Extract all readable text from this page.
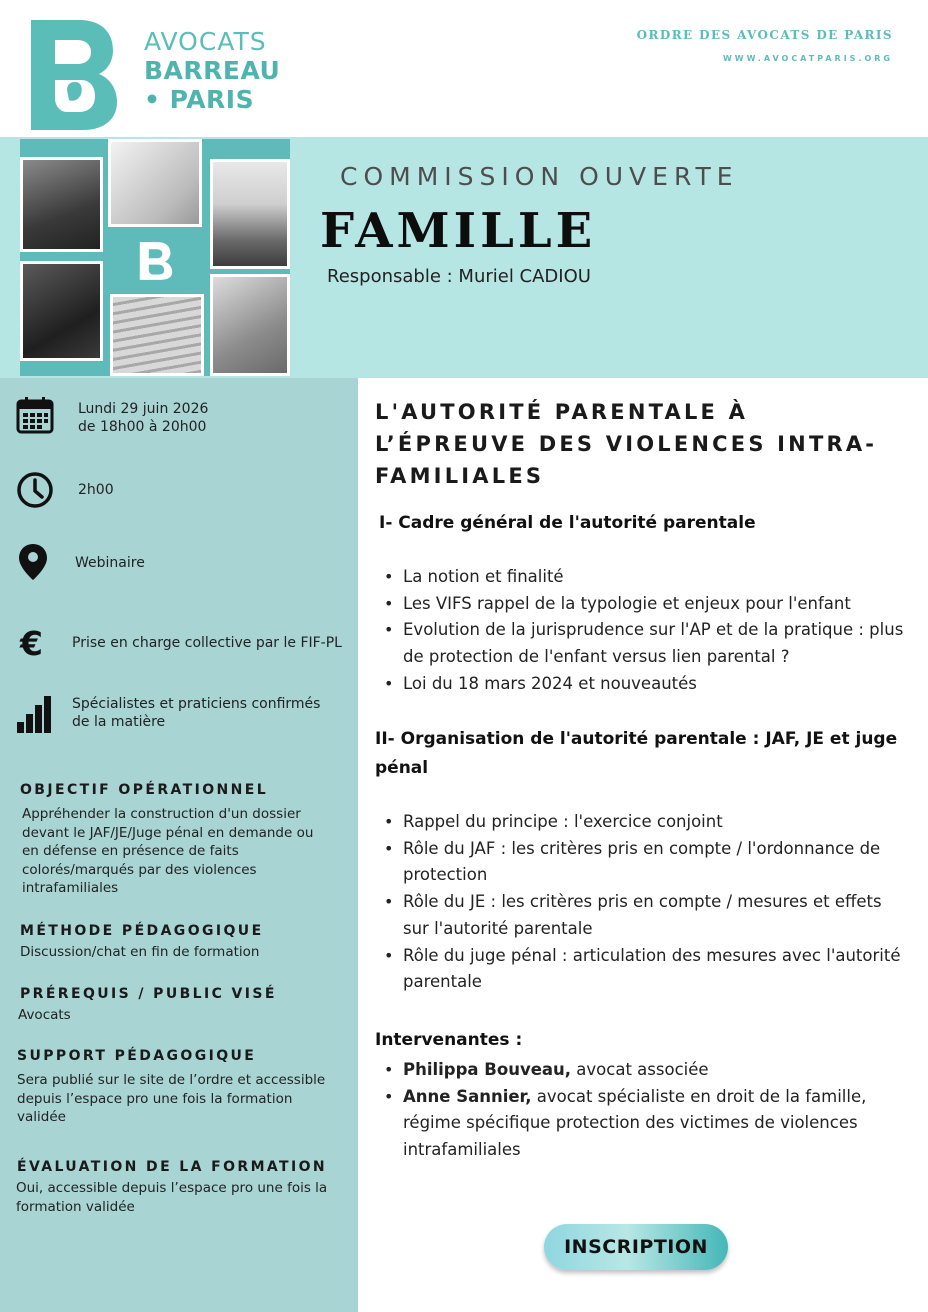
AVOCATS
BARREAU
• PARIS
ORDRE DES AVOCATS DE PARIS
WWW.AVOCATPARIS.ORG
COMMISSION OUVERTE
FAMILLE
Responsable : Muriel CADIOU
Lundi 29 juin 2026
de 18h00 à 20h00
2h00
Webinaire
€ Prise en charge collective par le FIF-PL
Spécialistes et praticiens confirmés
de la matière
OBJECTIF OPÉRATIONNEL
Appréhender la construction d'un dossier
devant le JAF/JE/Juge pénal en demande ou
en défense en présence de faits
colorés/marqués par des violences
intrafamiliales
MÉTHODE PÉDAGOGIQUE
Discussion/chat en fin de formation
PRÉREQUIS / PUBLIC VISÉ
Avocats
SUPPORT PÉDAGOGIQUE
Sera publié sur le site de l’ordre et accessible
depuis l’espace pro une fois la formation
validée
ÉVALUATION DE LA FORMATION
Oui, accessible depuis l’espace pro une fois la
formation validée
L'AUTORITÉ PARENTALE À
L’ÉPREUVE DES VIOLENCES INTRA-
FAMILIALES
I- Cadre général de l'autorité parentale
• La notion et finalité
• Les VIFS rappel de la typologie et enjeux pour l'enfant
• Evolution de la jurisprudence sur l'AP et de la pratique : plus
de protection de l'enfant versus lien parental ?
• Loi du 18 mars 2024 et nouveautés
II- Organisation de l'autorité parentale : JAF, JE et juge
pénal
• Rappel du principe : l'exercice conjoint
• Rôle du JAF : les critères pris en compte / l'ordonnance de
protection
• Rôle du JE : les critères pris en compte / mesures et effets
sur l'autorité parentale
• Rôle du juge pénal : articulation des mesures avec l'autorité
parentale
Intervenantes :
• Philippa Bouveau, avocat associée
• Anne Sannier, avocat spécialiste en droit de la famille,
régime spécifique protection des victimes de violences
intrafamiliales
INSCRIPTION
